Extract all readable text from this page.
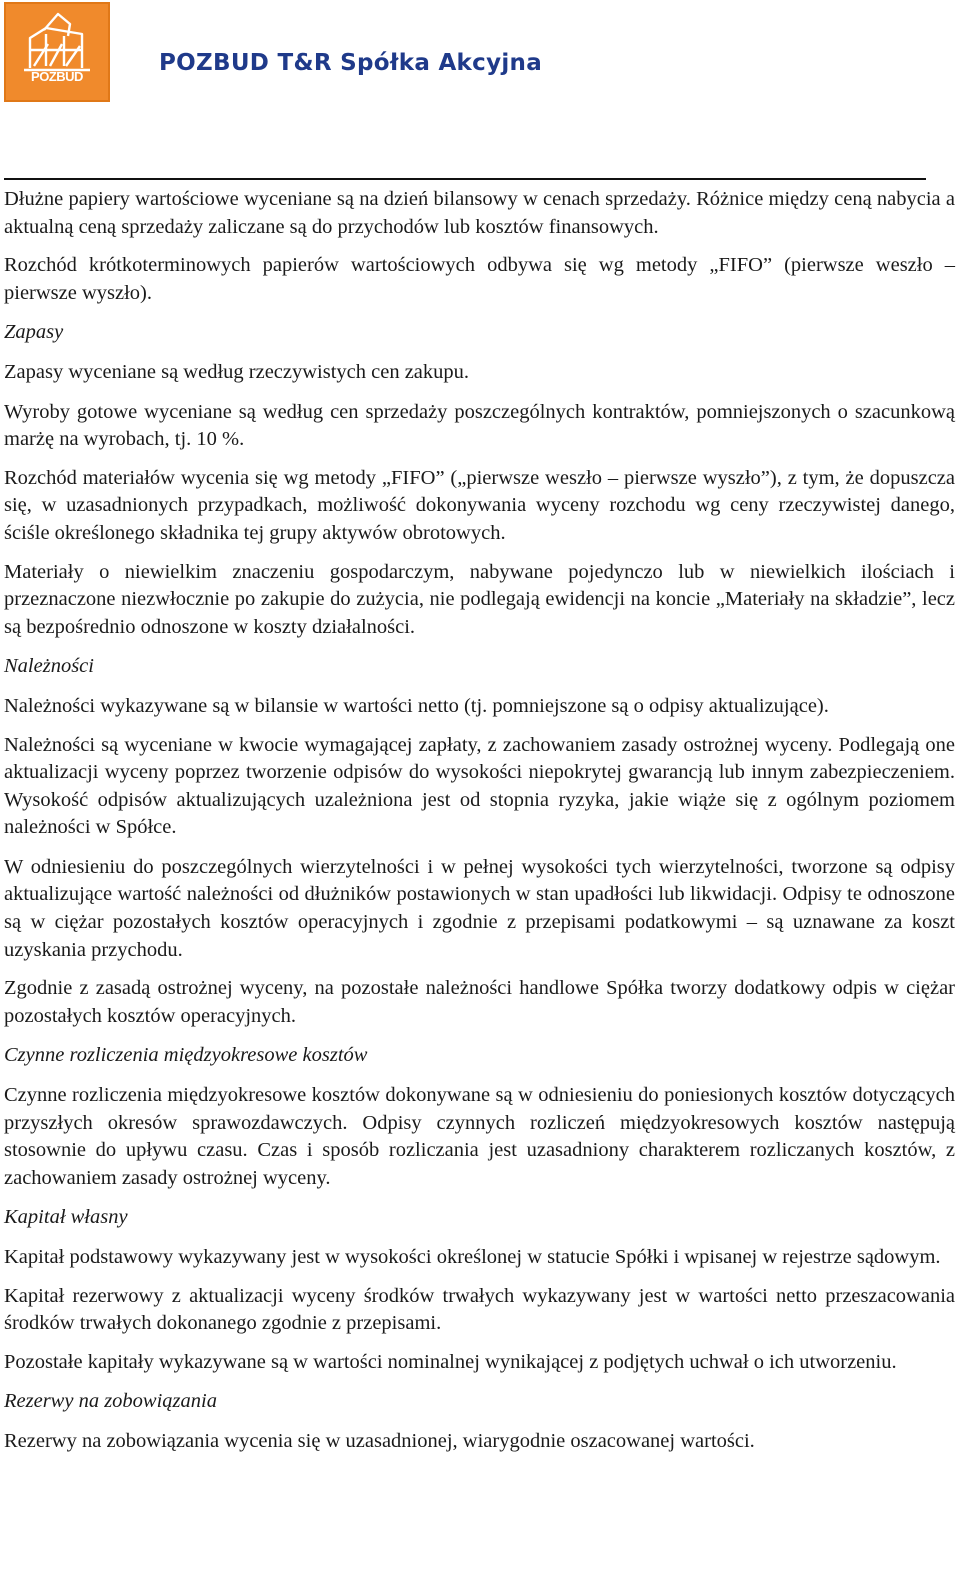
POZBUD
POZBUD T&R Spółka Akcyjna

Dłużne papiery wartościowe wyceniane są na dzień bilansowy w cenach sprzedaży. Różnice między ceną nabycia a aktualną ceną sprzedaży zaliczane są do przychodów lub kosztów finansowych.

Rozchód krótkoterminowych papierów wartościowych odbywa się wg metody „FIFO” (pierwsze weszło – pierwsze wyszło).

Zapasy

Zapasy wyceniane są według rzeczywistych cen zakupu.

Wyroby gotowe wyceniane są według cen sprzedaży poszczególnych kontraktów, pomniejszonych o szacunkową marżę na wyrobach, tj. 10 %.

Rozchód materiałów wycenia się wg metody „FIFO” („pierwsze weszło – pierwsze wyszło”), z tym, że dopuszcza się, w uzasadnionych przypadkach, możliwość dokonywania wyceny rozchodu wg ceny rzeczywistej danego, ściśle określonego składnika tej grupy aktywów obrotowych.

Materiały o niewielkim znaczeniu gospodarczym, nabywane pojedynczo lub w niewielkich ilościach i przeznaczone niezwłocznie po zakupie do zużycia, nie podlegają ewidencji na koncie „Materiały na składzie”, lecz są bezpośrednio odnoszone w koszty działalności.

Należności

Należności wykazywane są w bilansie w wartości netto (tj. pomniejszone są o odpisy aktualizujące).

Należności są wyceniane w kwocie wymagającej zapłaty, z zachowaniem zasady ostrożnej wyceny. Podlegają one aktualizacji wyceny poprzez tworzenie odpisów do wysokości niepokrytej gwarancją lub innym zabezpieczeniem. Wysokość odpisów aktualizujących uzależniona jest od stopnia ryzyka, jakie wiąże się z ogólnym poziomem należności w Spółce.

W odniesieniu do poszczególnych wierzytelności i w pełnej wysokości tych wierzytelności, tworzone są odpisy aktualizujące wartość należności od dłużników postawionych w stan upadłości lub likwidacji. Odpisy te odnoszone są w ciężar pozostałych kosztów operacyjnych i zgodnie z przepisami podatkowymi – są uznawane za koszt uzyskania przychodu.

Zgodnie z zasadą ostrożnej wyceny, na pozostałe należności handlowe Spółka tworzy dodatkowy odpis w ciężar pozostałych kosztów operacyjnych.

Czynne rozliczenia międzyokresowe kosztów

Czynne rozliczenia międzyokresowe kosztów dokonywane są w odniesieniu do poniesionych kosztów dotyczących przyszłych okresów sprawozdawczych. Odpisy czynnych rozliczeń międzyokresowych kosztów następują stosownie do upływu czasu. Czas i sposób rozliczania jest uzasadniony charakterem rozliczanych kosztów, z zachowaniem zasady ostrożnej wyceny.

Kapitał własny

Kapitał podstawowy wykazywany jest w wysokości określonej w statucie Spółki i wpisanej w rejestrze sądowym.

Kapitał rezerwowy z aktualizacji wyceny środków trwałych wykazywany jest w wartości netto przeszacowania środków trwałych dokonanego zgodnie z przepisami.

Pozostałe kapitały wykazywane są w wartości nominalnej wynikającej z podjętych uchwał o ich utworzeniu.

Rezerwy na zobowiązania

Rezerwy na zobowiązania wycenia się w uzasadnionej, wiarygodnie oszacowanej wartości.
